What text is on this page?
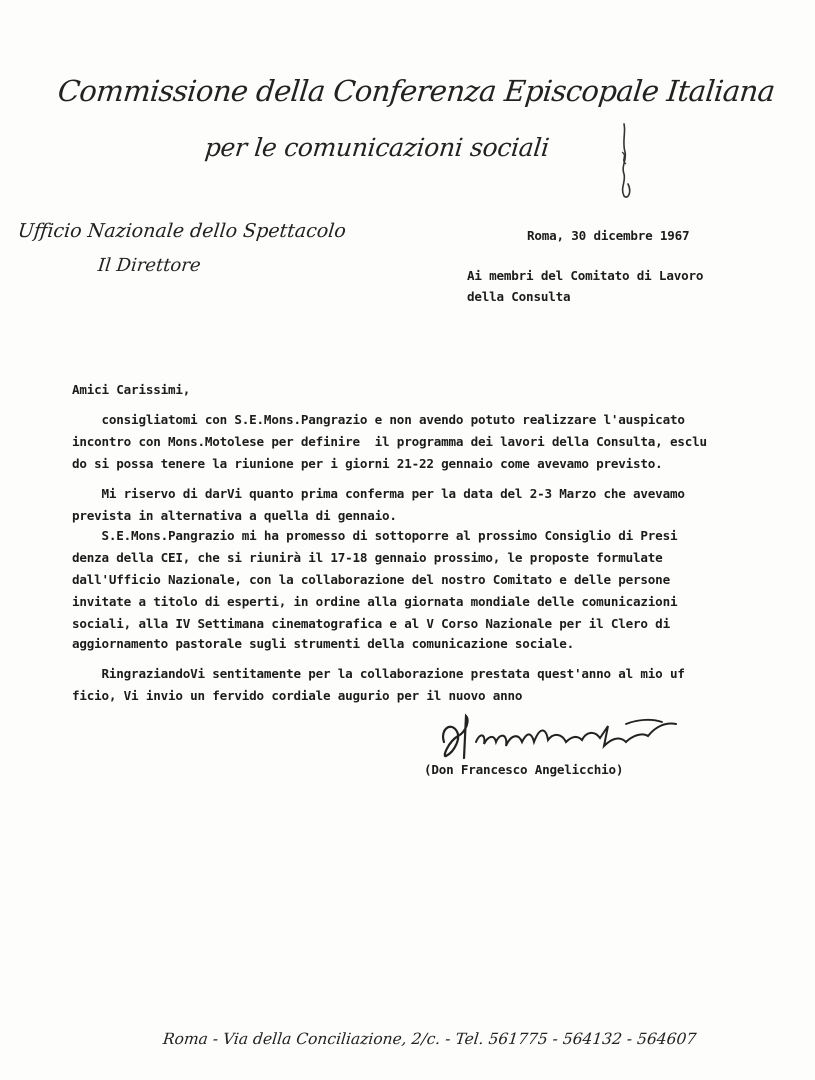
Commissione della Conferenza Episcopale Italiana
per le comunicazioni sociali
Ufficio Nazionale dello Spettacolo
Il Direttore
Roma, 30 dicembre 1967
Ai membri del Comitato di Lavoro
della Consulta
Amici Carissimi,
consigliatomi con S.E.Mons.Pangrazio e non avendo potuto realizzare l'auspicato
incontro con Mons.Motolese per definire  il programma dei lavori della Consulta, esclu
do si possa tenere la riunione per i giorni 21-22 gennaio come avevamo previsto.
Mi riservo di darVi quanto prima conferma per la data del 2-3 Marzo che avevamo
prevista in alternativa a quella di gennaio.
S.E.Mons.Pangrazio mi ha promesso di sottoporre al prossimo Consiglio di Presi
denza della CEI, che si riunirà il 17-18 gennaio prossimo, le proposte formulate
dall'Ufficio Nazionale, con la collaborazione del nostro Comitato e delle persone
invitate a titolo di esperti, in ordine alla giornata mondiale delle comunicazioni
sociali, alla IV Settimana cinematografica e al V Corso Nazionale per il Clero di
aggiornamento pastorale sugli strumenti della comunicazione sociale.
RingraziandoVi sentitamente per la collaborazione prestata quest'anno al mio uf
ficio, Vi invio un fervido cordiale augurio per il nuovo anno
(Don Francesco Angelicchio)
Roma - Via della Conciliazione, 2/c. - Tel. 561775 - 564132 - 564607
